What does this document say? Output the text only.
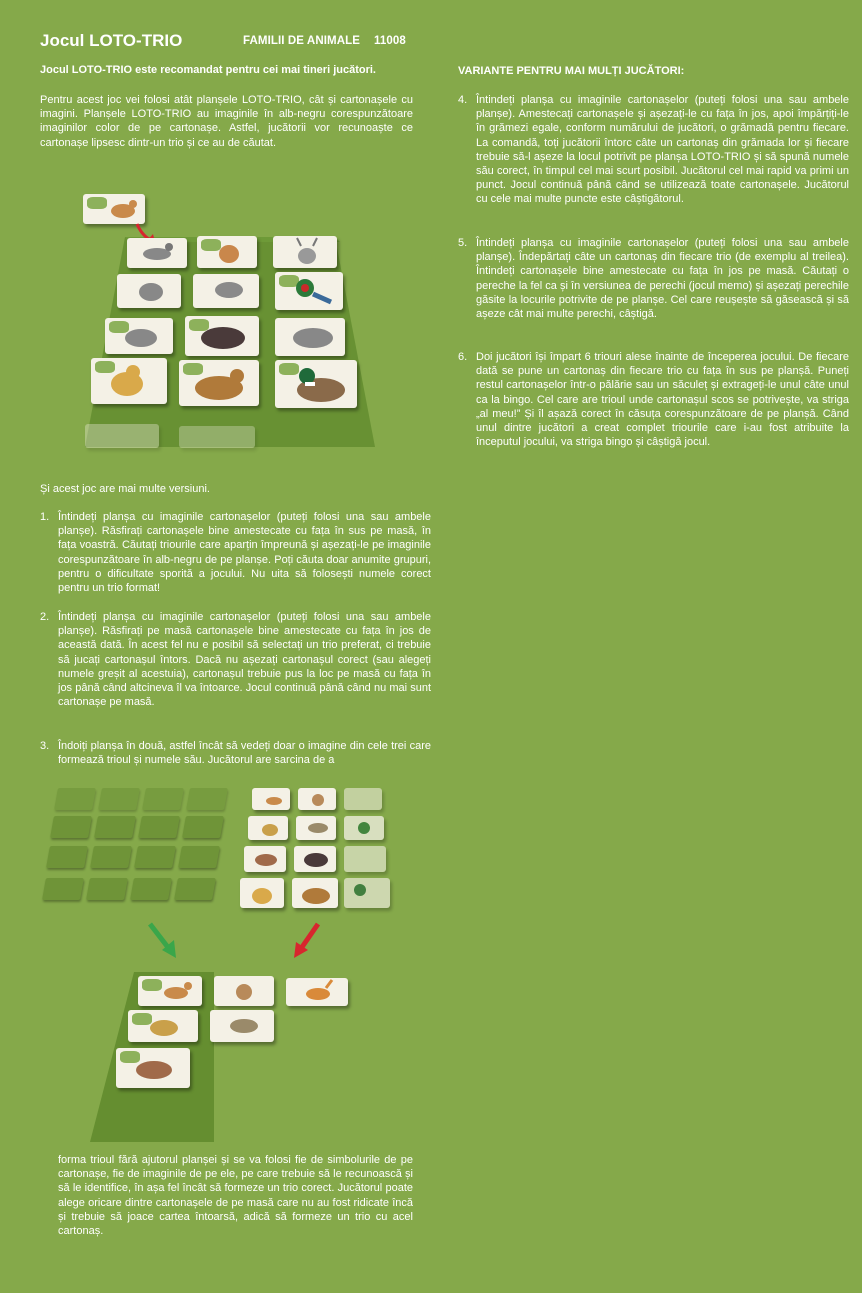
Jocul LOTO-TRIO	FAMILII DE ANIMALE 11008
Jocul LOTO-TRIO este recomandat pentru cei mai tineri jucători.
Pentru acest joc vei folosi atât planșele LOTO-TRIO, cât și cartonașele cu imagini. Planșele LOTO-TRIO au imaginile în alb-negru corespunzătoare imaginilor color de pe cartonașe. Astfel, jucătorii vor recunoaște ce cartonașe lipsesc dintr-un trio și ce au de căutat.
Și acest joc are mai multe versiuni.
1. Întindeți planșa cu imaginile cartonașelor (puteți folosi una sau ambele planșe). Răsfirați cartonașele bine amestecate cu fața în sus pe masă, în fața voastră. Căutați triourile care aparțin împreună și așezați-le pe imaginile corespunzătoare în alb-negru de pe planșe. Poți căuta doar anumite grupuri, pentru o dificultate sporită a jocului. Nu uita să folosești numele corect pentru un trio format!
2. Întindeți planșa cu imaginile cartonașelor (puteți folosi una sau ambele planșe). Răsfirați pe masă cartonașele bine amestecate cu fața în jos de această dată. În acest fel nu e posibil să selectați un trio preferat, ci trebuie să jucați cartonașul întors. Dacă nu așezați cartonașul corect (sau alegeți numele greșit al acestuia), cartonașul trebuie pus la loc pe masă cu fața în jos până când altcineva îl va întoarce. Jocul continuă până când nu mai sunt cartonașe pe masă.
3. Îndoiți planșa în două, astfel încât să vedeți doar o imagine din cele trei care formează trioul și numele său. Jucătorul are sarcina de a
forma trioul fără ajutorul planșei și se va folosi fie de simbolurile de pe cartonașe, fie de imaginile de pe ele, pe care trebuie să le recunoască și să le identifice, în așa fel încât să formeze un trio corect. Jucătorul poate alege oricare dintre cartonașele de pe masă care nu au fost ridicate încă și trebuie să joace cartea întoarsă, adică să formeze un trio cu acel cartonaș.
VARIANTE PENTRU MAI MULȚI JUCĂTORI:
4. Întindeți planșa cu imaginile cartonașelor (puteți folosi una sau ambele planșe). Amestecați cartonașele și așezați-le cu fața în jos, apoi împărțiți-le în grămezi egale, conform numărului de jucători, o grămadă pentru fiecare. La comandă, toți jucătorii întorc câte un cartonaș din grămada lor și fiecare trebuie să-l așeze la locul potrivit pe planșa LOTO-TRIO și să spună numele său corect, în timpul cel mai scurt posibil. Jucătorul cel mai rapid va primi un punct. Jocul continuă până când se utilizează toate cartonașele. Jucătorul cu cele mai multe puncte este câștigătorul.
5. Întindeți planșa cu imaginile cartonașelor (puteți folosi una sau ambele planșe). Îndepărtați câte un cartonaș din fiecare trio (de exemplu al treilea). Întindeți cartonașele bine amestecate cu fața în jos pe masă. Căutați o pereche la fel ca și în versiunea de perechi (jocul memo) și așezați perechile găsite la locurile potrivite de pe planșe. Cel care reușește să găsească și să așeze cât mai multe perechi, câștigă.
6. Doi jucători își împart 6 triouri alese înainte de începerea jocului. De fiecare dată se pune un cartonaș din fiecare trio cu fața în sus pe planșă. Puneți restul cartonașelor într-o pălărie sau un săculeț și extrageți-le unul câte unul ca la bingo. Cel care are trioul unde cartonașul scos se potrivește, va striga „al meu!” Și îl așază corect în căsuța corespunzătoare de pe planșă. Când unul dintre jucători a creat complet triourile care i-au fost atribuite la începutul jocului, va striga bingo și câștigă jocul.
